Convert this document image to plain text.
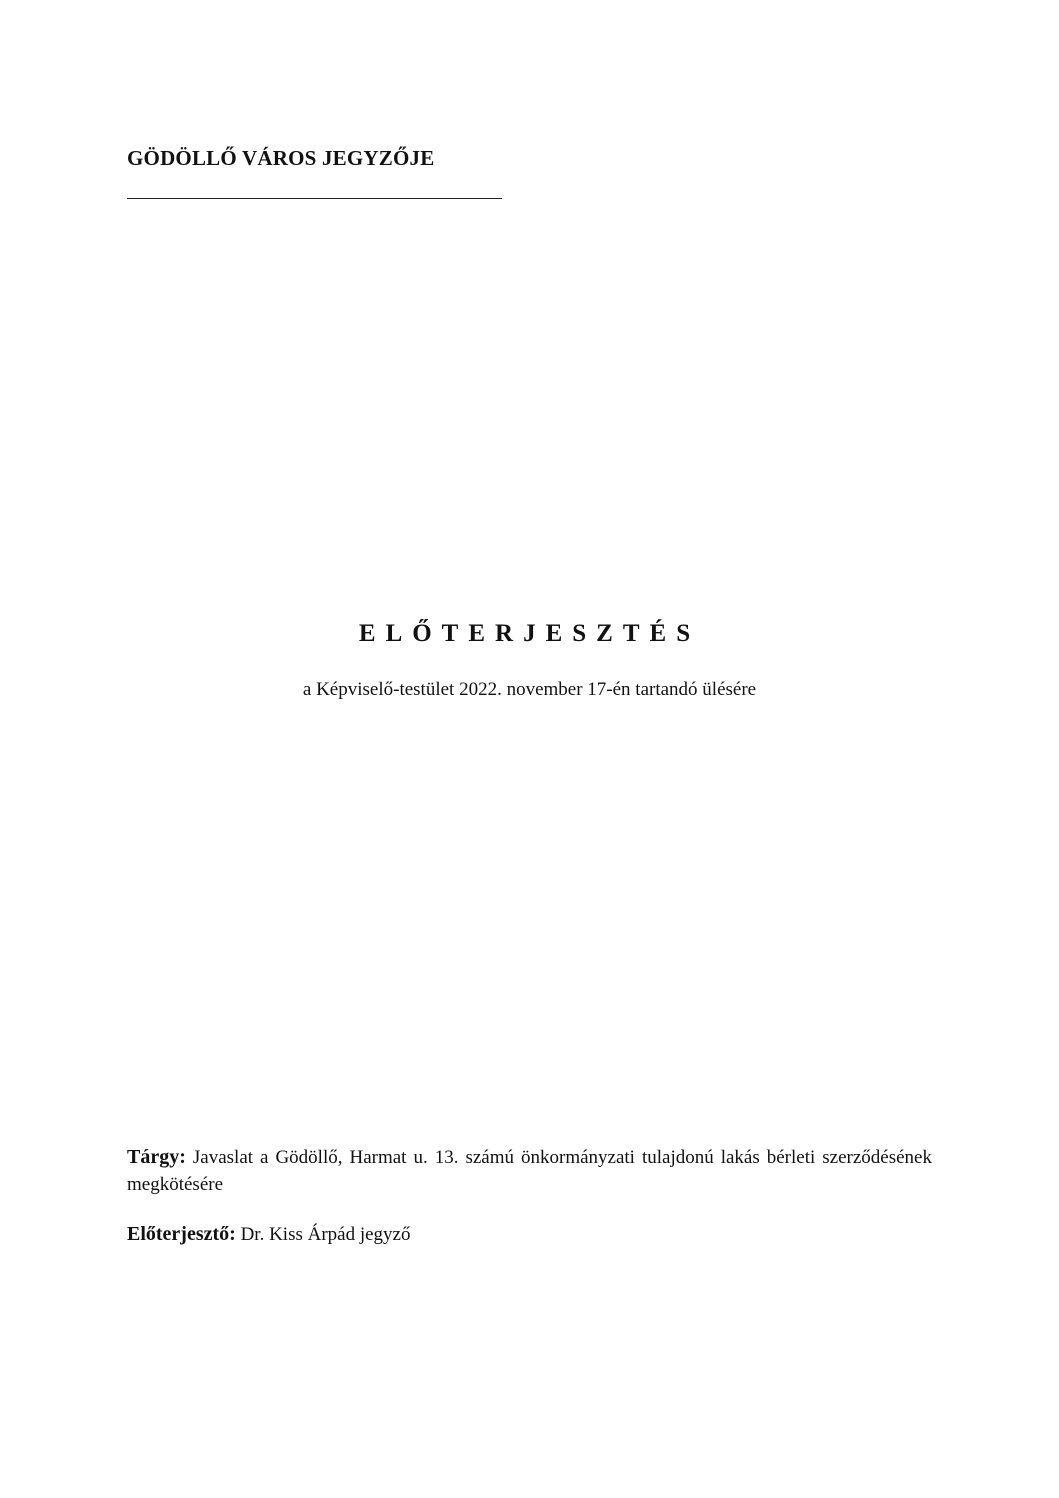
GÖDÖLLŐ VÁROS JEGYZŐJE
ELŐTERJESZTÉS
a Képviselő-testület 2022. november 17-én tartandó ülésére
Tárgy: Javaslat a Gödöllő, Harmat u. 13. számú önkormányzati tulajdonú lakás bérleti szerződésének megkötésére
Előterjesztő: Dr. Kiss Árpád jegyző
